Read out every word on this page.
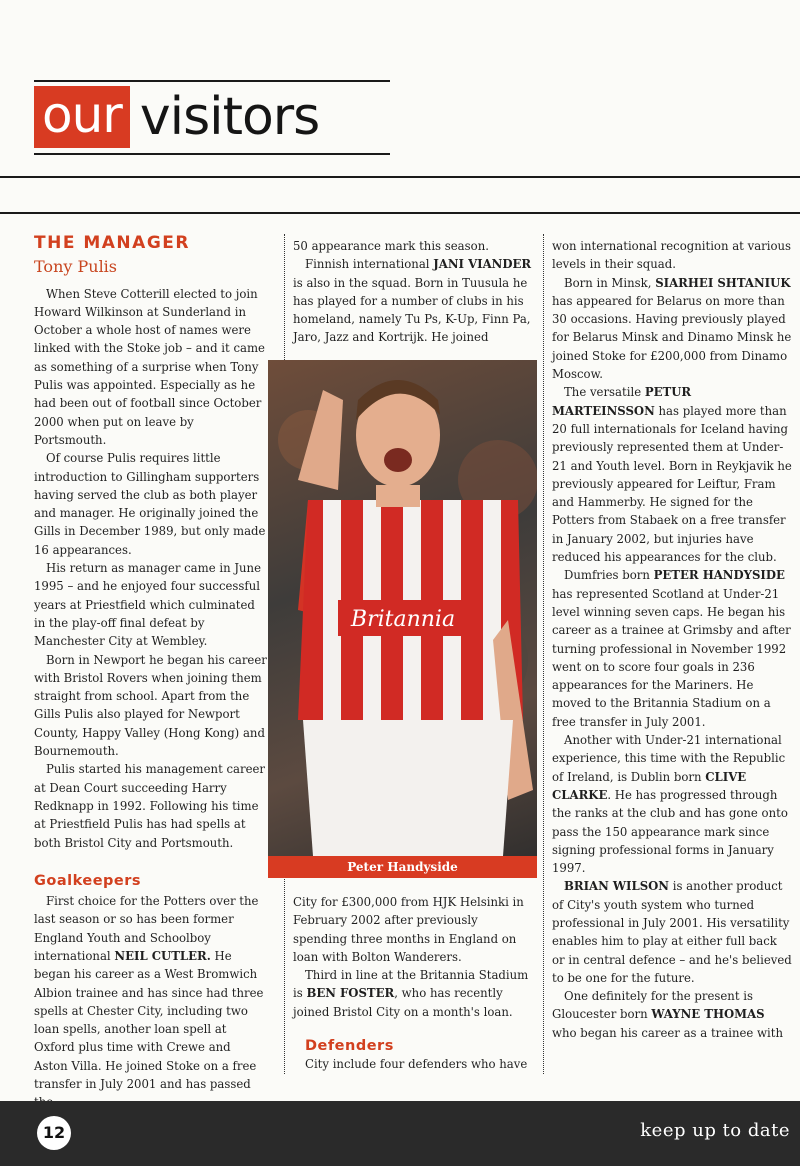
our visitors
THE MANAGER
Tony Pulis

When Steve Cotterill elected to join Howard Wilkinson at Sunderland in October a whole host of names were linked with the Stoke job – and it came as something of a surprise when Tony Pulis was appointed. Especially as he had been out of football since October 2000 when put on leave by Portsmouth.

Of course Pulis requires little introduction to Gillingham supporters having served the club as both player and manager. He originally joined the Gills in December 1989, but only made 16 appearances.

His return as manager came in June 1995 – and he enjoyed four successful years at Priestfield which culminated in the play-off final defeat by Manchester City at Wembley.

Born in Newport he began his career with Bristol Rovers when joining them straight from school. Apart from the Gills Pulis also played for Newport County, Happy Valley (Hong Kong) and Bournemouth.

Pulis started his management career at Dean Court succeeding Harry Redknapp in 1992. Following his time at Priestfield Pulis has had spells at both Bristol City and Portsmouth.

Goalkeepers

First choice for the Potters over the last season or so has been former England Youth and Schoolboy international NEIL CUTLER. He began his career as a West Bromwich Albion trainee and has since had three spells at Chester City, including two loan spells, another loan spell at Oxford plus time with Crewe and Aston Villa. He joined Stoke on a free transfer in July 2001 and has passed

50 appearance mark this season.

Finnish international JANI VIANDER is also in the squad. Born in Tuusula he has played for a number of clubs in his homeland, namely Tu Ps, K-Up, Finn Pa, Jaro, Jazz and Kortrijk. He joined

Britannia
Peter Handyside

City for £300,000 from HJK Helsinki in February 2002 after previously spending three months in England on loan with Bolton Wanderers.

Third in line at the Britannia Stadium is BEN FOSTER, who has recently joined Bristol City on a month's loan.

Defenders

City include four defenders who have

won international recognition at various levels in their squad.

Born in Minsk, SIARHEI SHTANIUK has appeared for Belarus on more than 30 occasions. Having previously played for Belarus Minsk and Dinamo Minsk he joined Stoke for £200,000 from Dinamo Moscow.

The versatile PETUR MARTEINSSON has played more than 20 full internationals for Iceland having previously represented them at Under-21 and Youth level. Born in Reykjavik he previously appeared for Leiftur, Fram and Hammerby. He signed for the Potters from Stabaek on a free transfer in January 2002, but injuries have reduced his appearances for the club.

Dumfries born PETER HANDYSIDE has represented Scotland at Under-21 level winning seven caps. He began his career as a trainee at Grimsby and after turning professional in November 1992 went on to score four goals in 236 appearances for the Mariners. He moved to the Britannia Stadium on a free transfer in July 2001.

Another with Under-21 international experience, this time with the Republic of Ireland, is Dublin born CLIVE CLARKE. He has progressed through the ranks at the club and has gone onto pass the 150 appearance mark since signing professional forms in January 1997.

BRIAN WILSON is another product of City's youth system who turned professional in July 2001. His versatility enables him to play at either full back or in central defence – and he's believed to be one for the future.

One definitely for the present is Gloucester born WAYNE THOMAS who began his career as a trainee with

12	keep up to date
